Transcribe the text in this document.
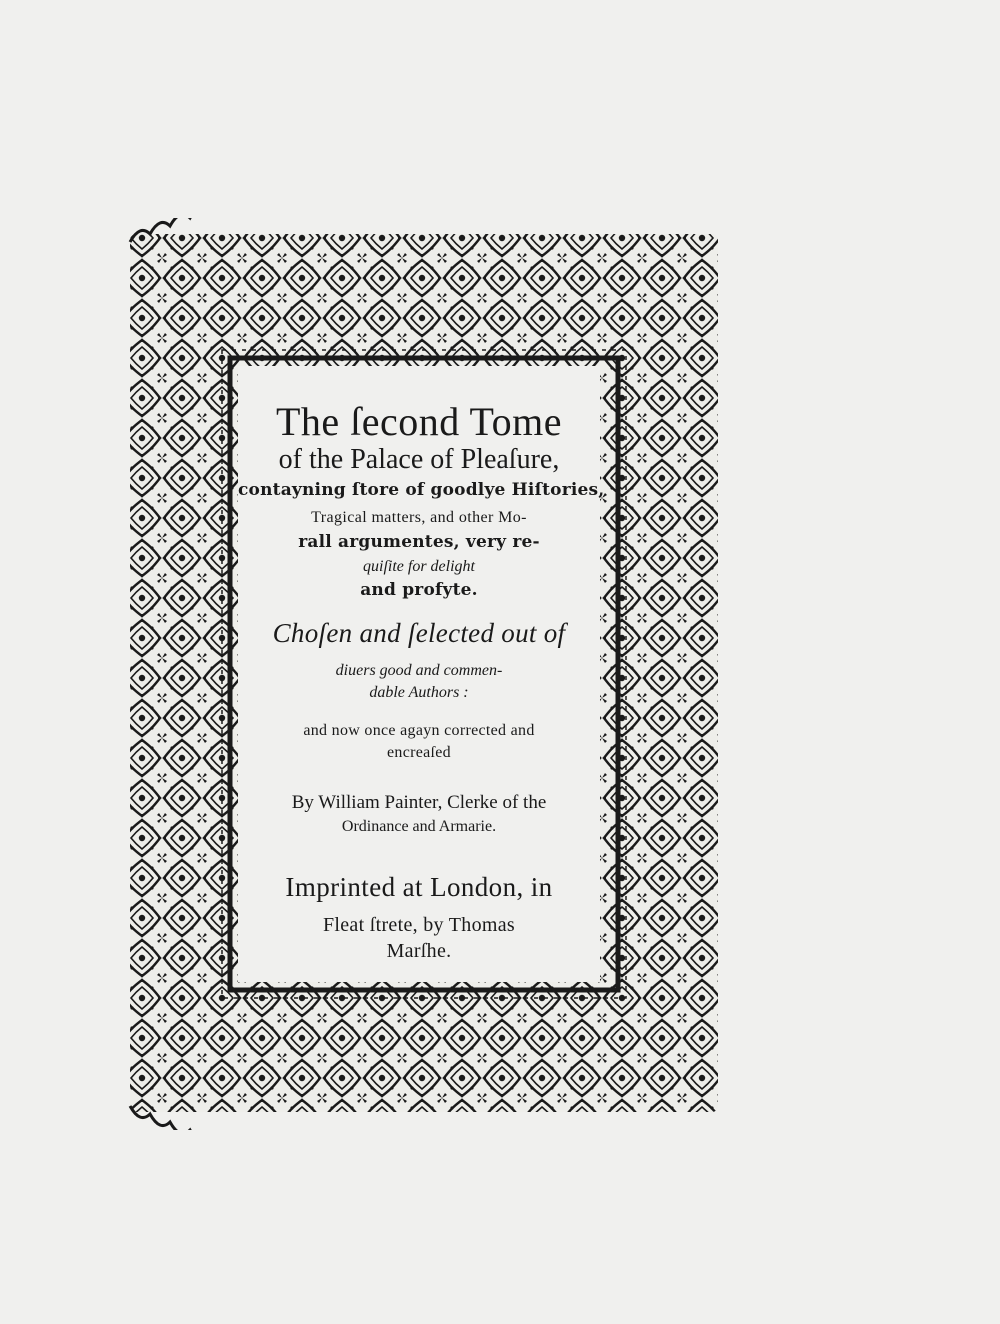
The ſecond Tome

of the Palace of Pleaſure,

contayning ſtore of goodlye Hiſtories,

Tragical matters, and other Mo-

rall argumentes, very re-

quiſite for delight

and profyte.

Choſen and ſelected out of

diuers good and commen-

dable Authors :

and now once agayn corrected and

encreaſed

By William Painter, Clerke of the

Ordinance and Armarie.

Imprinted at London, in

Fleat ſtrete, by Thomas

Marſhe.
